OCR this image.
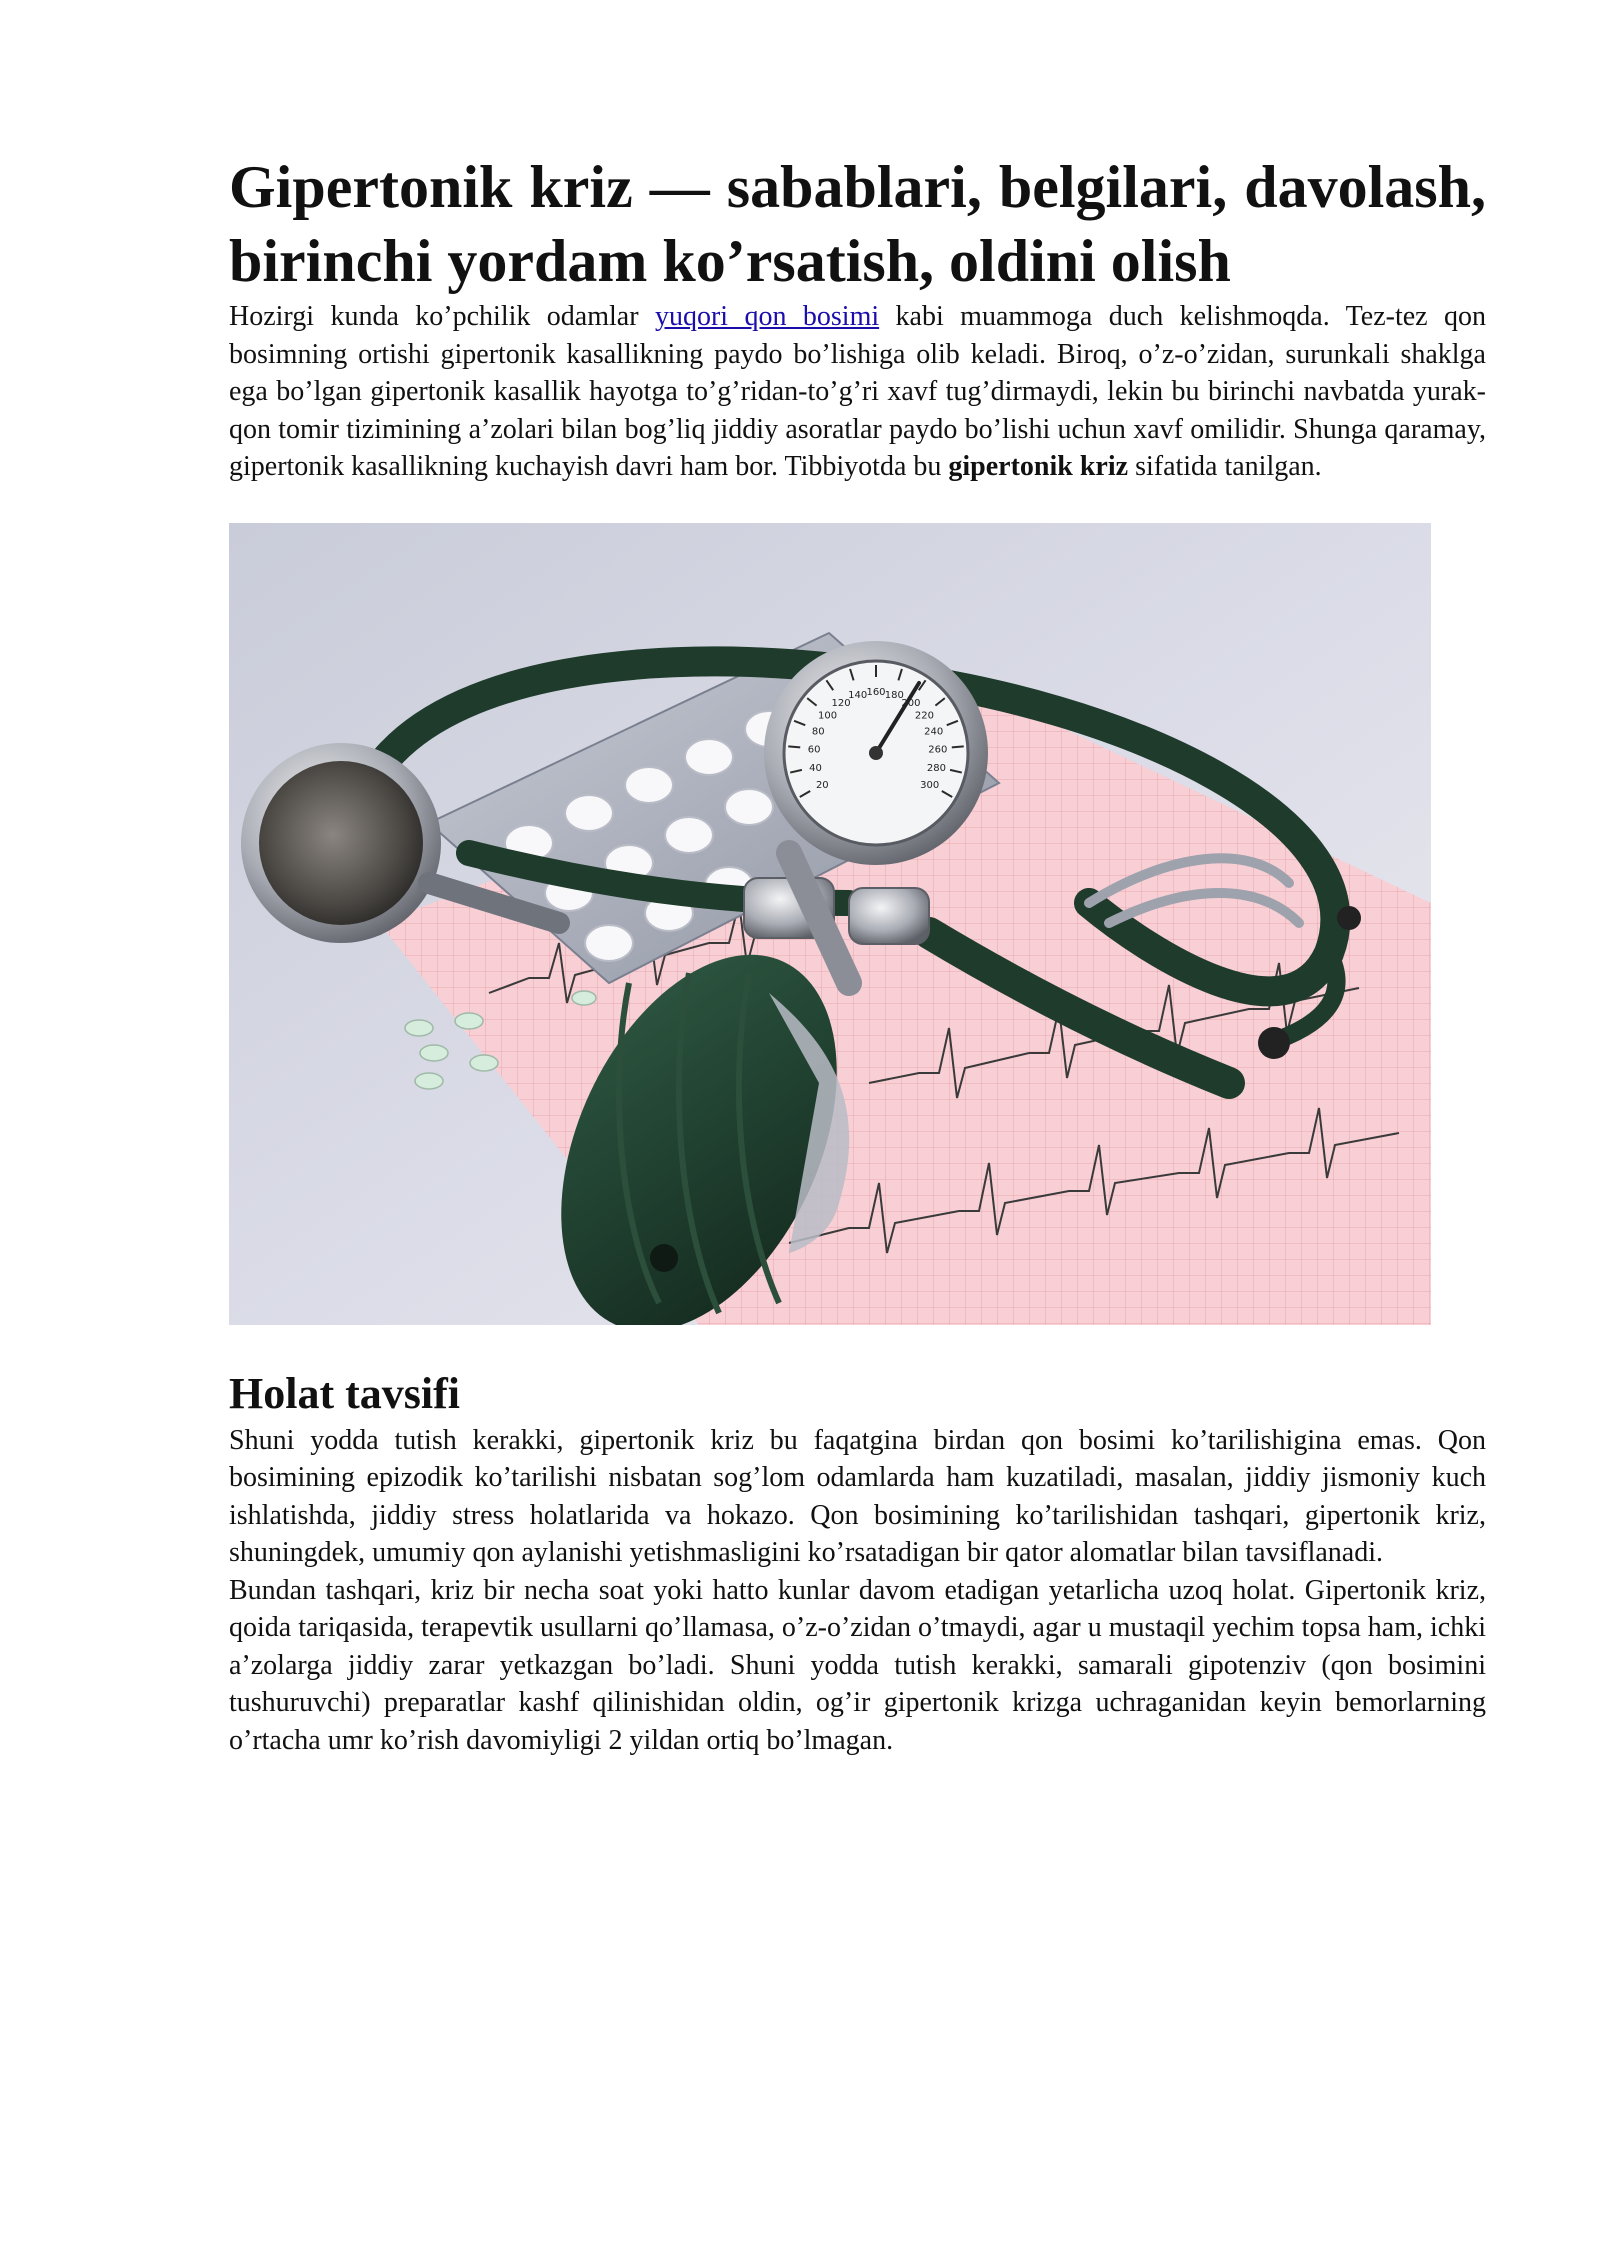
Gipertonik kriz — sabablari, belgilari, davolash, birinchi yordam ko’rsatish, oldini olish

Hozirgi kunda ko’pchilik odamlar yuqori qon bosimi kabi muammoga duch kelishmoqda. Tez-tez qon bosimning ortishi gipertonik kasallikning paydo bo’lishiga olib keladi. Biroq, o’z-o’zidan, surunkali shaklga ega bo’lgan gipertonik kasallik hayotga to’g’ridan-to’g’ri xavf tug’dirmaydi, lekin bu birinchi navbatda yurak-qon tomir tizimining a’zolari bilan bog’liq jiddiy asoratlar paydo bo’lishi uchun xavf omilidir. Shunga qaramay, gipertonik kasallikning kuchayish davri ham bor. Tibbiyotda bu gipertonik kriz sifatida tanilgan.

20
40
60
80
100
120
140 160 180
200
220
240
260
280
300
Holat tavsifi

Shuni yodda tutish kerakki, gipertonik kriz bu faqatgina birdan qon bosimi ko’tarilishigina emas. Qon bosimining epizodik ko’tarilishi nisbatan sog’lom odamlarda ham kuzatiladi, masalan, jiddiy jismoniy kuch ishlatishda, jiddiy stress holatlarida va hokazo. Qon bosimining ko’tarilishidan tashqari, gipertonik kriz, shuningdek, umumiy qon aylanishi yetishmasligini ko’rsatadigan bir qator alomatlar bilan tavsiflanadi.

Bundan tashqari, kriz bir necha soat yoki hatto kunlar davom etadigan yetarlicha uzoq holat. Gipertonik kriz, qoida tariqasida, terapevtik usullarni qo’llamasa, o’z-o’zidan o’tmaydi, agar u mustaqil yechim topsa ham, ichki a’zolarga jiddiy zarar yetkazgan bo’ladi. Shuni yodda tutish kerakki, samarali gipotenziv (qon bosimini tushuruvchi) preparatlar kashf qilinishidan oldin, og’ir gipertonik krizga uchraganidan keyin bemorlarning o’rtacha umr ko’rish davomiyligi 2 yildan ortiq bo’lmagan.
